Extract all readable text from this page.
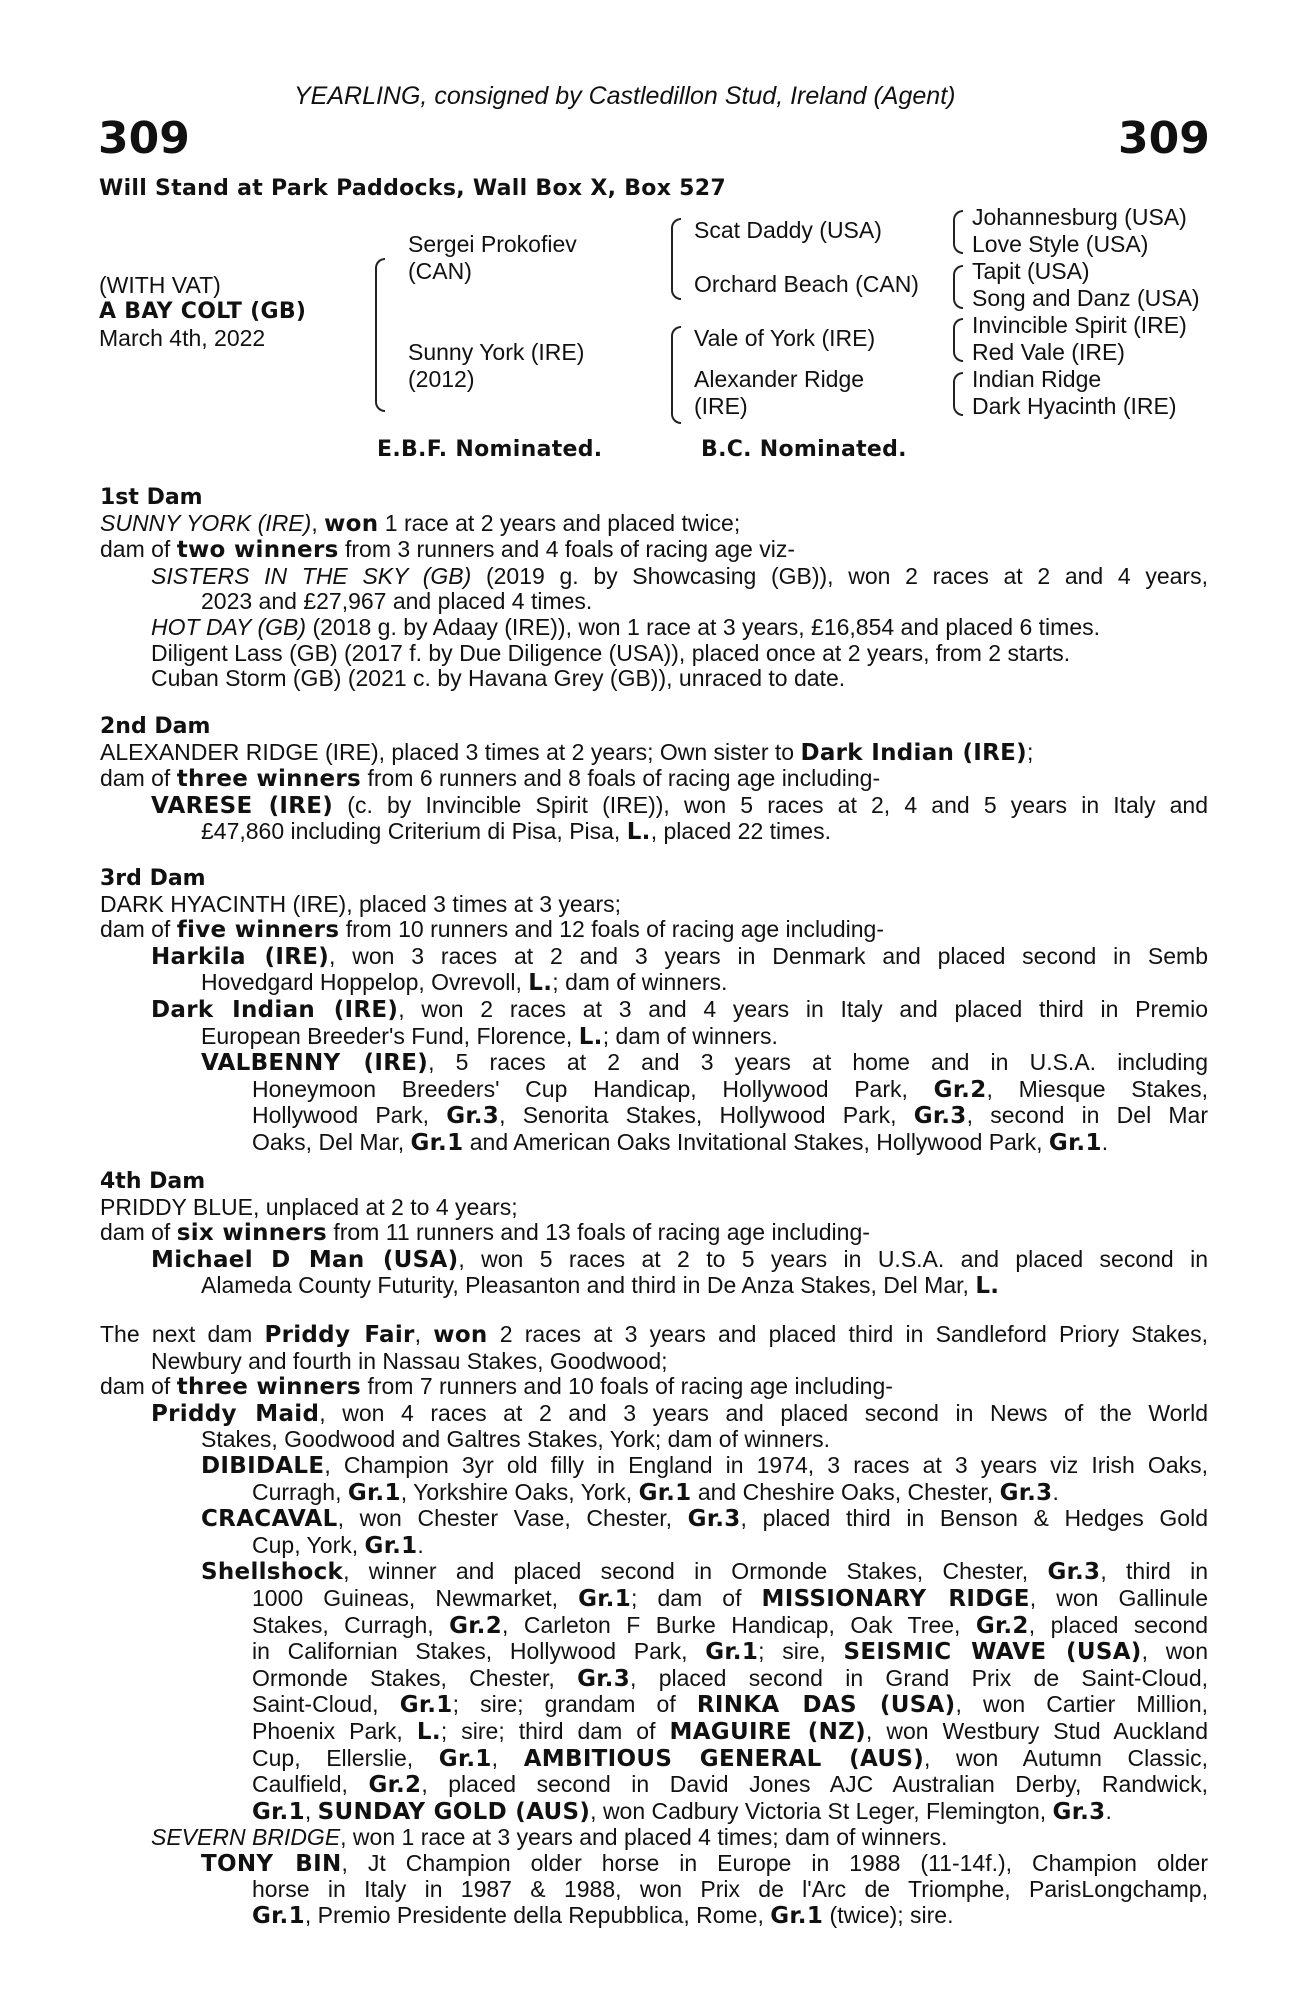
YEARLING, consigned by Castledillon Stud, Ireland (Agent)
309	309
Will Stand at Park Paddocks, Wall Box X, Box 527
(WITH VAT)
A BAY COLT (GB)
March 4th, 2022
Sergei Prokofiev
(CAN)
Sunny York (IRE)
(2012)
Scat Daddy (USA)
Orchard Beach (CAN)
Vale of York (IRE)
Alexander Ridge
(IRE)
Johannesburg (USA)
Love Style (USA)
Tapit (USA)
Song and Danz (USA)
Invincible Spirit (IRE)
Red Vale (IRE)
Indian Ridge
Dark Hyacinth (IRE)
E.B.F. Nominated.	B.C. Nominated.
1st Dam
SUNNY YORK (IRE), won 1 race at 2 years and placed twice;
dam of two winners from 3 runners and 4 foals of racing age viz-
SISTERS IN THE SKY (GB) (2019 g. by Showcasing (GB)), won 2 races at 2 and 4 years,
2023 and £27,967 and placed 4 times.
HOT DAY (GB) (2018 g. by Adaay (IRE)), won 1 race at 3 years, £16,854 and placed 6 times.
Diligent Lass (GB) (2017 f. by Due Diligence (USA)), placed once at 2 years, from 2 starts.
Cuban Storm (GB) (2021 c. by Havana Grey (GB)), unraced to date.
2nd Dam
ALEXANDER RIDGE (IRE), placed 3 times at 2 years; Own sister to Dark Indian (IRE);
dam of three winners from 6 runners and 8 foals of racing age including-
VARESE (IRE) (c. by Invincible Spirit (IRE)), won 5 races at 2, 4 and 5 years in Italy and
£47,860 including Criterium di Pisa, Pisa, L., placed 22 times.
3rd Dam
DARK HYACINTH (IRE), placed 3 times at 3 years;
dam of five winners from 10 runners and 12 foals of racing age including-
Harkila (IRE), won 3 races at 2 and 3 years in Denmark and placed second in Semb
Hovedgard Hoppelop, Ovrevoll, L.; dam of winners.
Dark Indian (IRE), won 2 races at 3 and 4 years in Italy and placed third in Premio
European Breeder's Fund, Florence, L.; dam of winners.
VALBENNY (IRE), 5 races at 2 and 3 years at home and in U.S.A. including
Honeymoon Breeders' Cup Handicap, Hollywood Park, Gr.2, Miesque Stakes,
Hollywood Park, Gr.3, Senorita Stakes, Hollywood Park, Gr.3, second in Del Mar
Oaks, Del Mar, Gr.1 and American Oaks Invitational Stakes, Hollywood Park, Gr.1.
4th Dam
PRIDDY BLUE, unplaced at 2 to 4 years;
dam of six winners from 11 runners and 13 foals of racing age including-
Michael D Man (USA), won 5 races at 2 to 5 years in U.S.A. and placed second in
Alameda County Futurity, Pleasanton and third in De Anza Stakes, Del Mar, L.
The next dam Priddy Fair, won 2 races at 3 years and placed third in Sandleford Priory Stakes,
Newbury and fourth in Nassau Stakes, Goodwood;
dam of three winners from 7 runners and 10 foals of racing age including-
Priddy Maid, won 4 races at 2 and 3 years and placed second in News of the World
Stakes, Goodwood and Galtres Stakes, York; dam of winners.
DIBIDALE, Champion 3yr old filly in England in 1974, 3 races at 3 years viz Irish Oaks,
Curragh, Gr.1, Yorkshire Oaks, York, Gr.1 and Cheshire Oaks, Chester, Gr.3.
CRACAVAL, won Chester Vase, Chester, Gr.3, placed third in Benson & Hedges Gold
Cup, York, Gr.1.
Shellshock, winner and placed second in Ormonde Stakes, Chester, Gr.3, third in
1000 Guineas, Newmarket, Gr.1; dam of MISSIONARY RIDGE, won Gallinule
Stakes, Curragh, Gr.2, Carleton F Burke Handicap, Oak Tree, Gr.2, placed second
in Californian Stakes, Hollywood Park, Gr.1; sire, SEISMIC WAVE (USA), won
Ormonde Stakes, Chester, Gr.3, placed second in Grand Prix de Saint-Cloud,
Saint-Cloud, Gr.1; sire; grandam of RINKA DAS (USA), won Cartier Million,
Phoenix Park, L.; sire; third dam of MAGUIRE (NZ), won Westbury Stud Auckland
Cup, Ellerslie, Gr.1, AMBITIOUS GENERAL (AUS), won Autumn Classic,
Caulfield, Gr.2, placed second in David Jones AJC Australian Derby, Randwick,
Gr.1, SUNDAY GOLD (AUS), won Cadbury Victoria St Leger, Flemington, Gr.3.
SEVERN BRIDGE, won 1 race at 3 years and placed 4 times; dam of winners.
TONY BIN, Jt Champion older horse in Europe in 1988 (11-14f.), Champion older
horse in Italy in 1987 & 1988, won Prix de l'Arc de Triomphe, ParisLongchamp,
Gr.1, Premio Presidente della Repubblica, Rome, Gr.1 (twice); sire.
